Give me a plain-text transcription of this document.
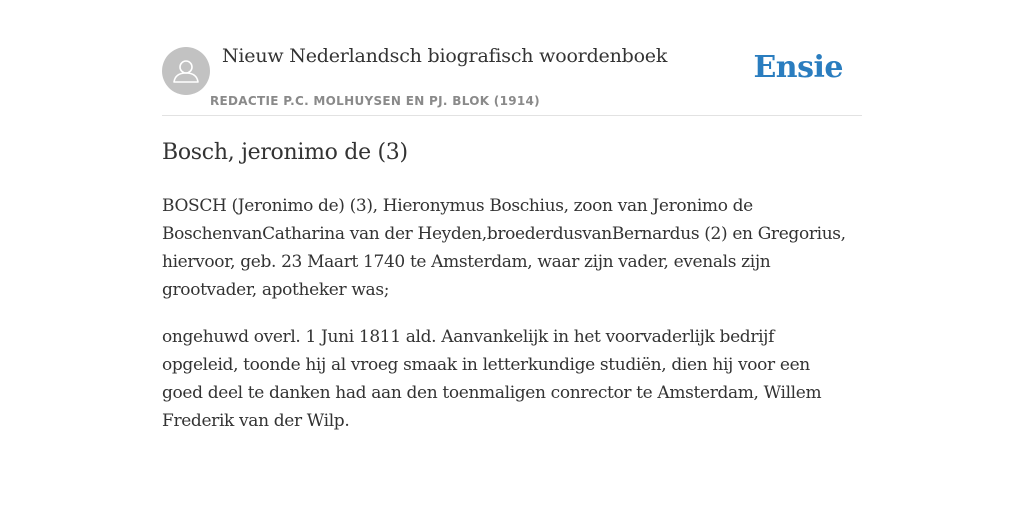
Nieuw Nederlandsch biografisch woordenboek
REDACTIE P.C. MOLHUYSEN EN PJ. BLOK (1914)
Ensie
Bosch, jeronimo de (3)

BOSCH (Jeronimo de) (3), Hieronymus Boschius, zoon van Jeronimo de
BoschenvanCatharina van der Heyden,broederdusvanBernardus (2) en Gregorius,
hiervoor, geb. 23 Maart 1740 te Amsterdam, waar zijn vader, evenals zijn
grootvader, apotheker was;

ongehuwd overl. 1 Juni 1811 ald. Aanvankelijk in het voorvaderlijk bedrijf
opgeleid, toonde hij al vroeg smaak in letterkundige studiën, dien hij voor een
goed deel te danken had aan den toenmaligen conrector te Amsterdam, Willem
Frederik van der Wilp.
